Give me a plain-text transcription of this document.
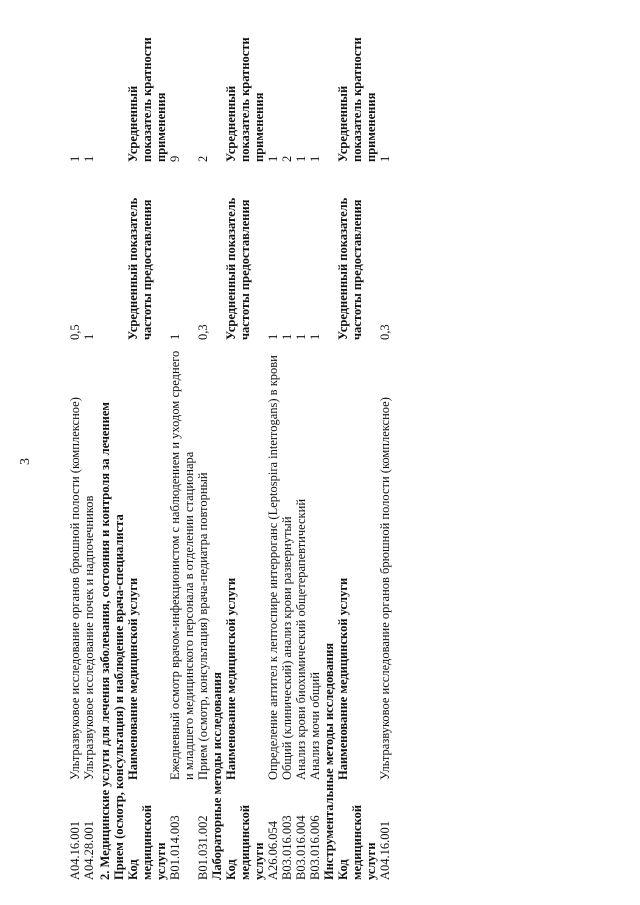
3
A04.16.001	Ультразвуковое исследование органов брюшной полости (комплексное)	0,5	1
A04.28.001	Ультразвуковое исследование почек и надпочечников	1	1
2. Медицинские услуги для лечения заболевания, состояния и контроля за лечением Прием (осмотр, консультация) и наблюдение врача-специалиста Код медицинской услуги	Наименование медицинской услуги	Усредненный показатель частоты предоставления	Усредненный показатель кратности применения
B01.014.003	Ежедневный осмотр врачом-инфекционистом с наблюдением и уходом среднего и младшего медицинского персонала в отделении стационара	1	9
B01.031.002	Прием (осмотр, консультация) врача-педиатра повторный	0,3	2
Лабораторные методы исследования Код медицинской услуги	Наименование медицинской услуги	Усредненный показатель частоты предоставления	Усредненный показатель кратности применения
A26.06.054	Определение антител к лептоспире интерроганс (Leptospira interrogans) в крови	1	1
B03.016.003	Общий (клинический) анализ крови развернутый	1	2
B03.016.004	Анализ крови биохимический общетерапевтический	1	1
B03.016.006	Анализ мочи общий	1	1
Инструментальные методы исследования Код медицинской услуги	Наименование медицинской услуги	Усредненный показатель частоты предоставления	Усредненный показатель кратности применения
A04.16.001	Ультразвуковое исследование органов брюшной полости (комплексное)	0,3	1
